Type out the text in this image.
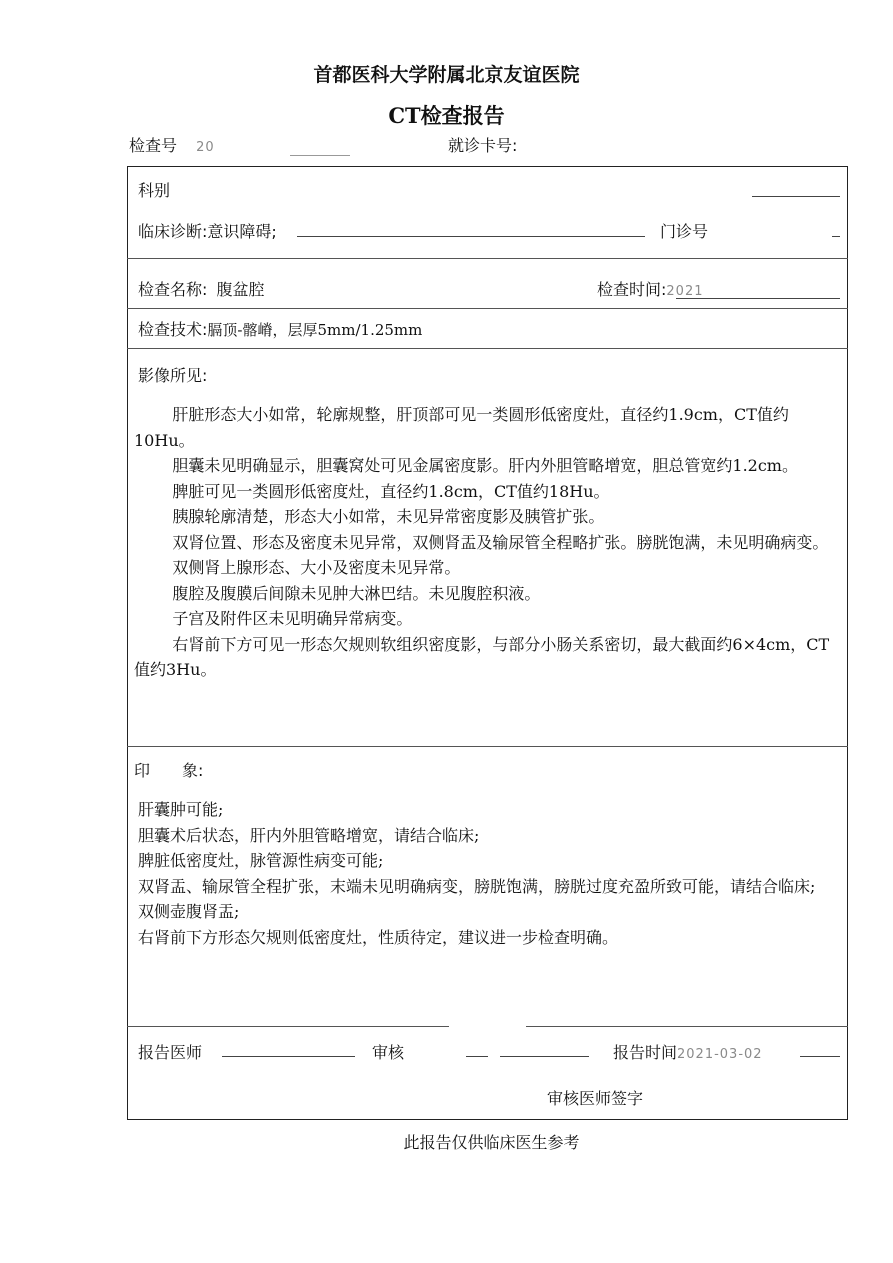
首都医科大学附属北京友谊医院
CT检查报告
检查号 20	就诊卡号:
科别
临床诊断:意识障碍;	门诊号
检查名称: 腹盆腔	检查时间:2021
检查技术:膈顶-髂嵴，层厚5mm/1.25mm
影像所见:

肝脏形态大小如常，轮廓规整，肝顶部可见一类圆形低密度灶，直径约1.9cm，CT值约10Hu。

胆囊未见明确显示，胆囊窝处可见金属密度影。肝内外胆管略增宽，胆总管宽约1.2cm。

脾脏可见一类圆形低密度灶，直径约1.8cm，CT值约18Hu。

胰腺轮廓清楚，形态大小如常，未见异常密度影及胰管扩张。

双肾位置、形态及密度未见异常，双侧肾盂及输尿管全程略扩张。膀胱饱满，未见明确病变。

双侧肾上腺形态、大小及密度未见异常。

腹腔及腹膜后间隙未见肿大淋巴结。未见腹腔积液。

子宫及附件区未见明确异常病变。

右肾前下方可见一形态欠规则软组织密度影，与部分小肠关系密切，最大截面约6×4cm，CT值约3Hu。

印　　象:

肝囊肿可能;

胆囊术后状态，肝内外胆管略增宽，请结合临床;

脾脏低密度灶，脉管源性病变可能;

双肾盂、输尿管全程扩张，末端未见明确病变，膀胱饱满，膀胱过度充盈所致可能，请结合临床;

双侧壶腹肾盂;

右肾前下方形态欠规则低密度灶，性质待定，建议进一步检查明确。

报告医师	审核	报告时间2021-03-02
审核医师签字
此报告仅供临床医生参考
